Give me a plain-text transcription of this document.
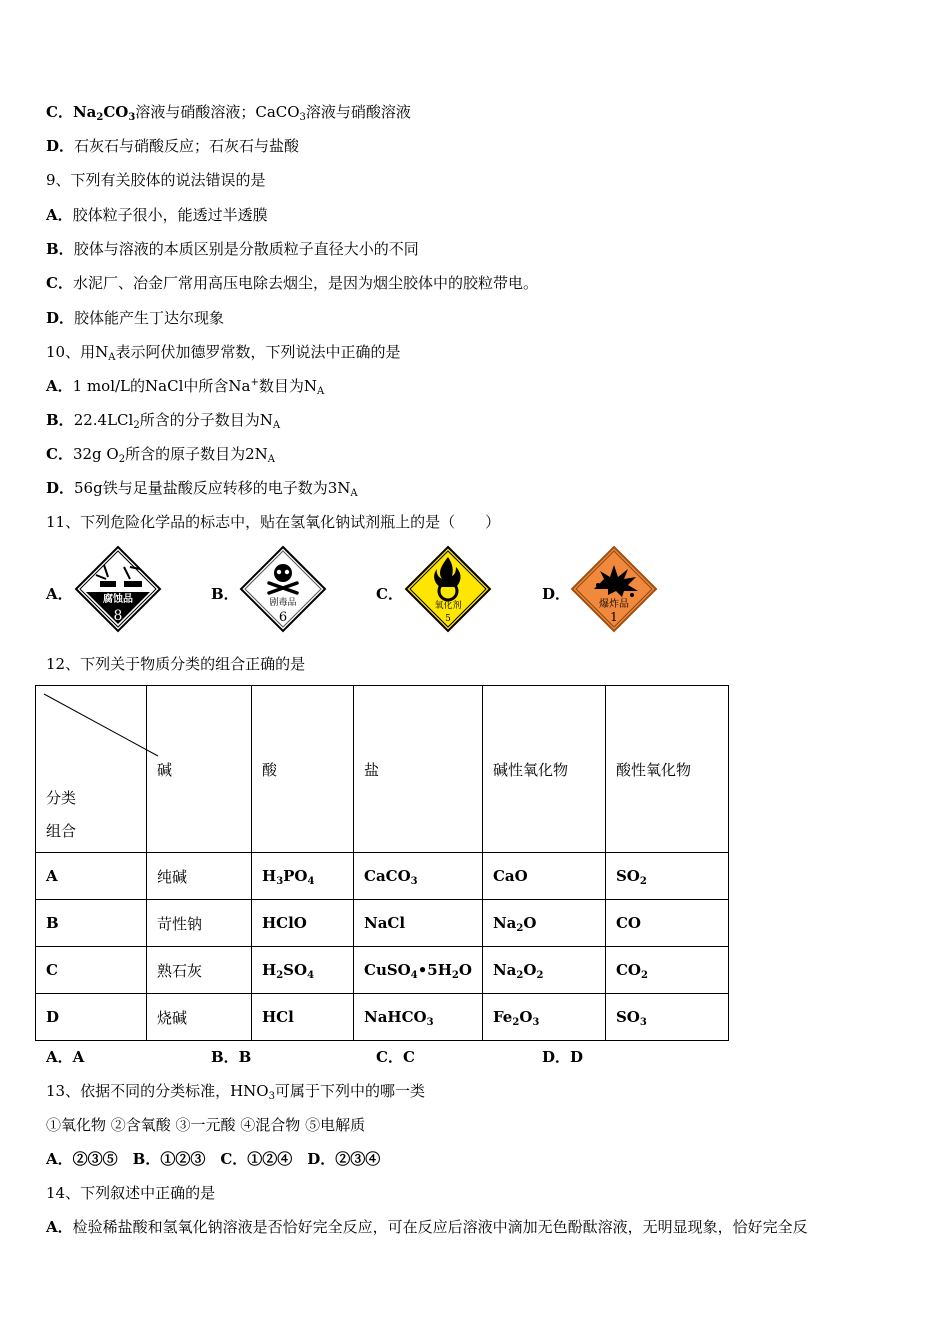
C．$Na_2CO_3$溶液与硝酸溶液；CaCO$_3$溶液与硝酸溶液
D．石灰石与硝酸反应；石灰石与盐酸
9、下列有关胶体的说法错误的是
A．胶体粒子很小，能透过半透膜
B．胶体与溶液的本质区别是分散质粒子直径大小的不同
C．水泥厂、冶金厂常用高压电除去烟尘，是因为烟尘胶体中的胶粒带电。
D．胶体能产生丁达尔现象
10、用$N_A$表示阿伏加德罗常数，下列说法中正确的是
A．1 mol/L的NaCl中所含Na+数目为$N_A$
B．22.4LCl$_2$所含的分子数目为$N_A$
C．32g $O_2$所含的原子数目为$2N_A$
D．56g铁与足量盐酸反应转移的电子数为$3N_A$
11、下列危险化学品的标志中，贴在氢氧化钠试剂瓶上的是（　　）
A．	腐蚀品
8
B．	剧毒品
6
C．
氧化剂
5
D．
爆炸品
1
12、下列关于物质分类的组合正确的是
分类
组合	碱	酸	盐	碱性氧化物	酸性氧化物
A	纯碱	$H_3PO_4$	CaCO$_3$	CaO	$SO_2$
B	苛性钠	HClO	NaCl	$Na_2O$	CO
C	熟石灰	$H_2SO_4$	$CuSO_4•5H_2O$	$Na_2O_2$	$CO_2$
D	烧碱	HCl	NaHCO$_3$	$Fe_2O_3$	$SO_3$
A．A	B．B	C．C	D．D
13、依据不同的分类标准，$HNO_3$可属于下列中的哪一类
①氧化物 ②含氧酸 ③一元酸 ④混合物 ⑤电解质
A．②③⑤　B．①②③　C．①②④　D．②③④
14、下列叙述中正确的是
A．检验稀盐酸和氢氧化钠溶液是否恰好完全反应，可在反应后溶液中滴加无色酚酞溶液，无明显现象，恰好完全反
